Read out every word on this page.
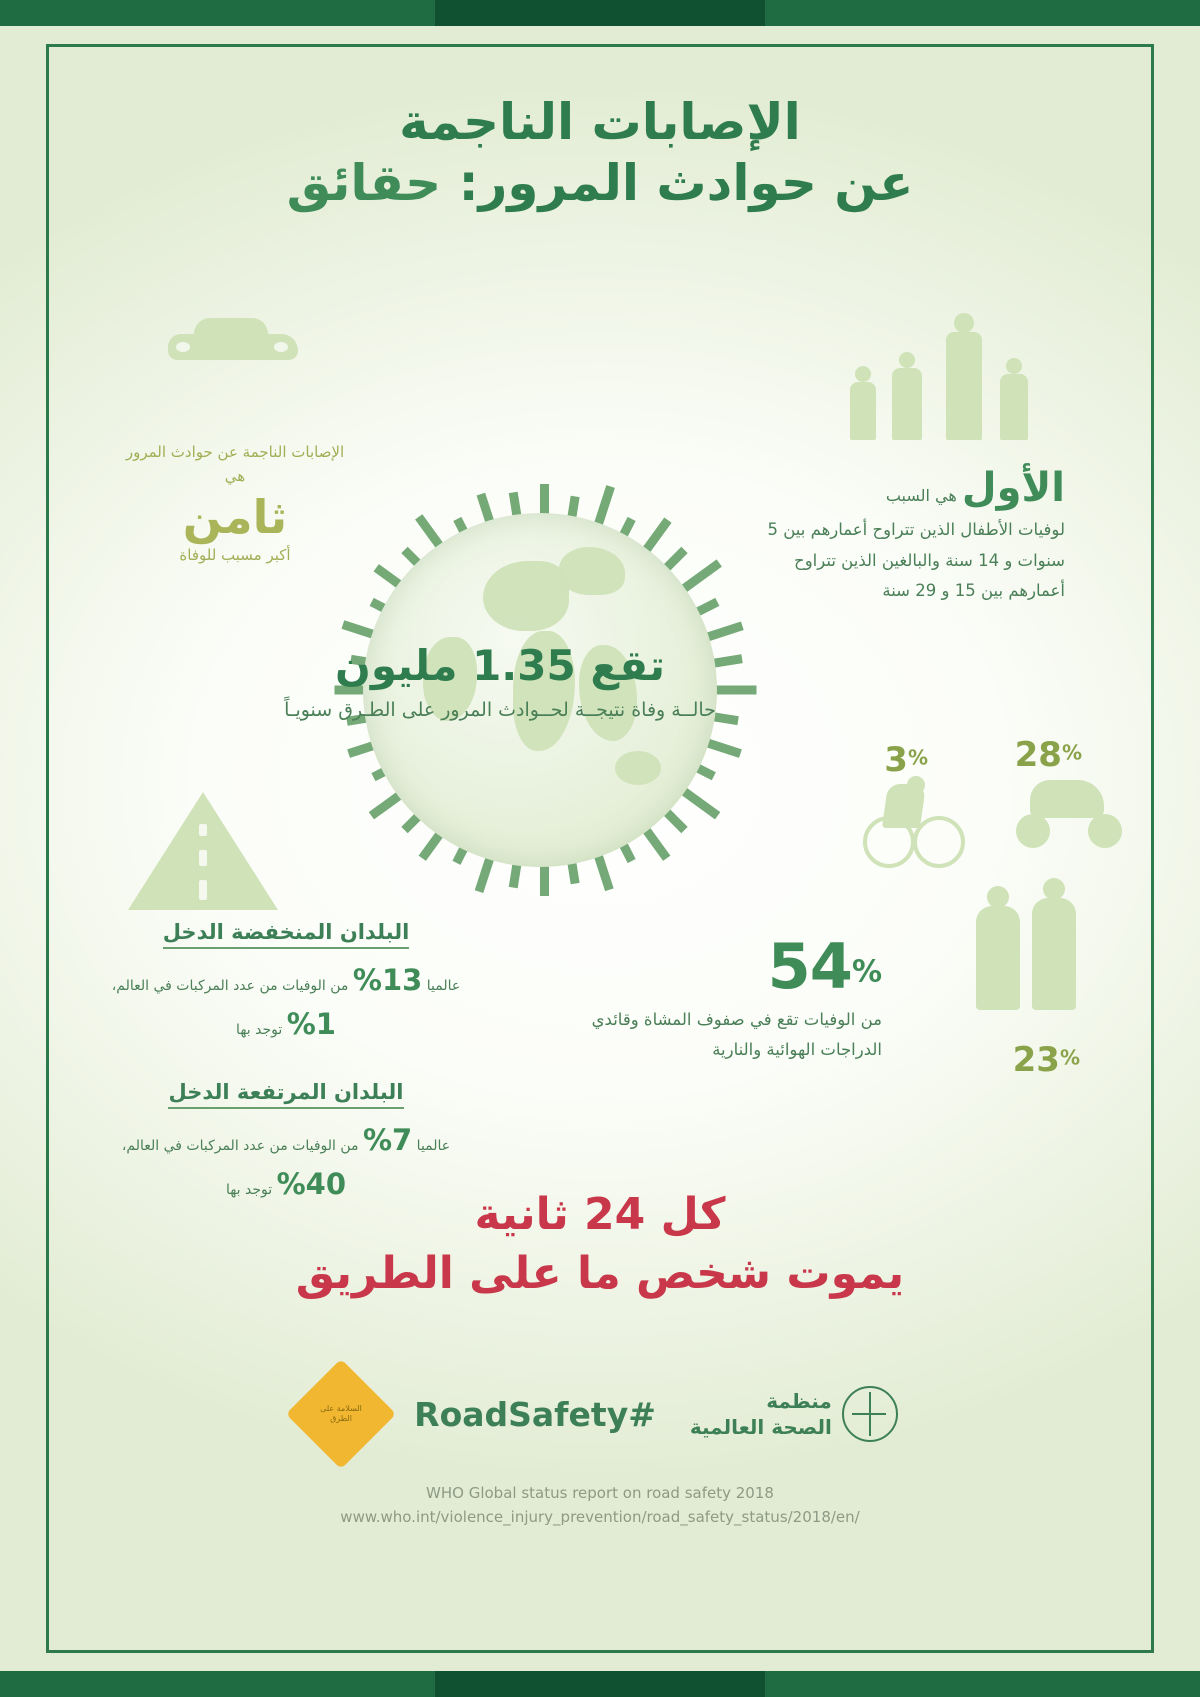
الإصابات الناجمة
عن حوادث المرور: حقائق
الإصابات الناجمة عن حوادث المرور هي
ثامن
أكبر مسبب للوفاة
الأول هي السبب
لوفيات الأطفال الذين تتراوح أعمارهم بين 5 سنوات و 14 سنة والبالغين الذين تتراوح أعمارهم بين 15 و 29 سنة
تقع 1.35 مليون
حالــة وفاة نتيجــة لحــوادث المرور على الطـرق سنويـاً
3%	28%
23%
54%
من الوفيات تقع في صفوف المشاة وقائدي الدراجات الهوائية والنارية
البلدان المنخفضة الدخل
عالميا 13% من الوفيات من عدد المركبات في العالم، 1% توجد بها
البلدان المرتفعة الدخل
عالميا 7% من الوفيات من عدد المركبات في العالم، 40% توجد بها	كل 24 ثانية
يموت شخص ما على الطريق
منظمة
الصحة العالمية
#RoadSafety
السلامة على الطرق
WHO Global status report on road safety 2018
www.who.int/violence_injury_prevention/road_safety_status/2018/en/
